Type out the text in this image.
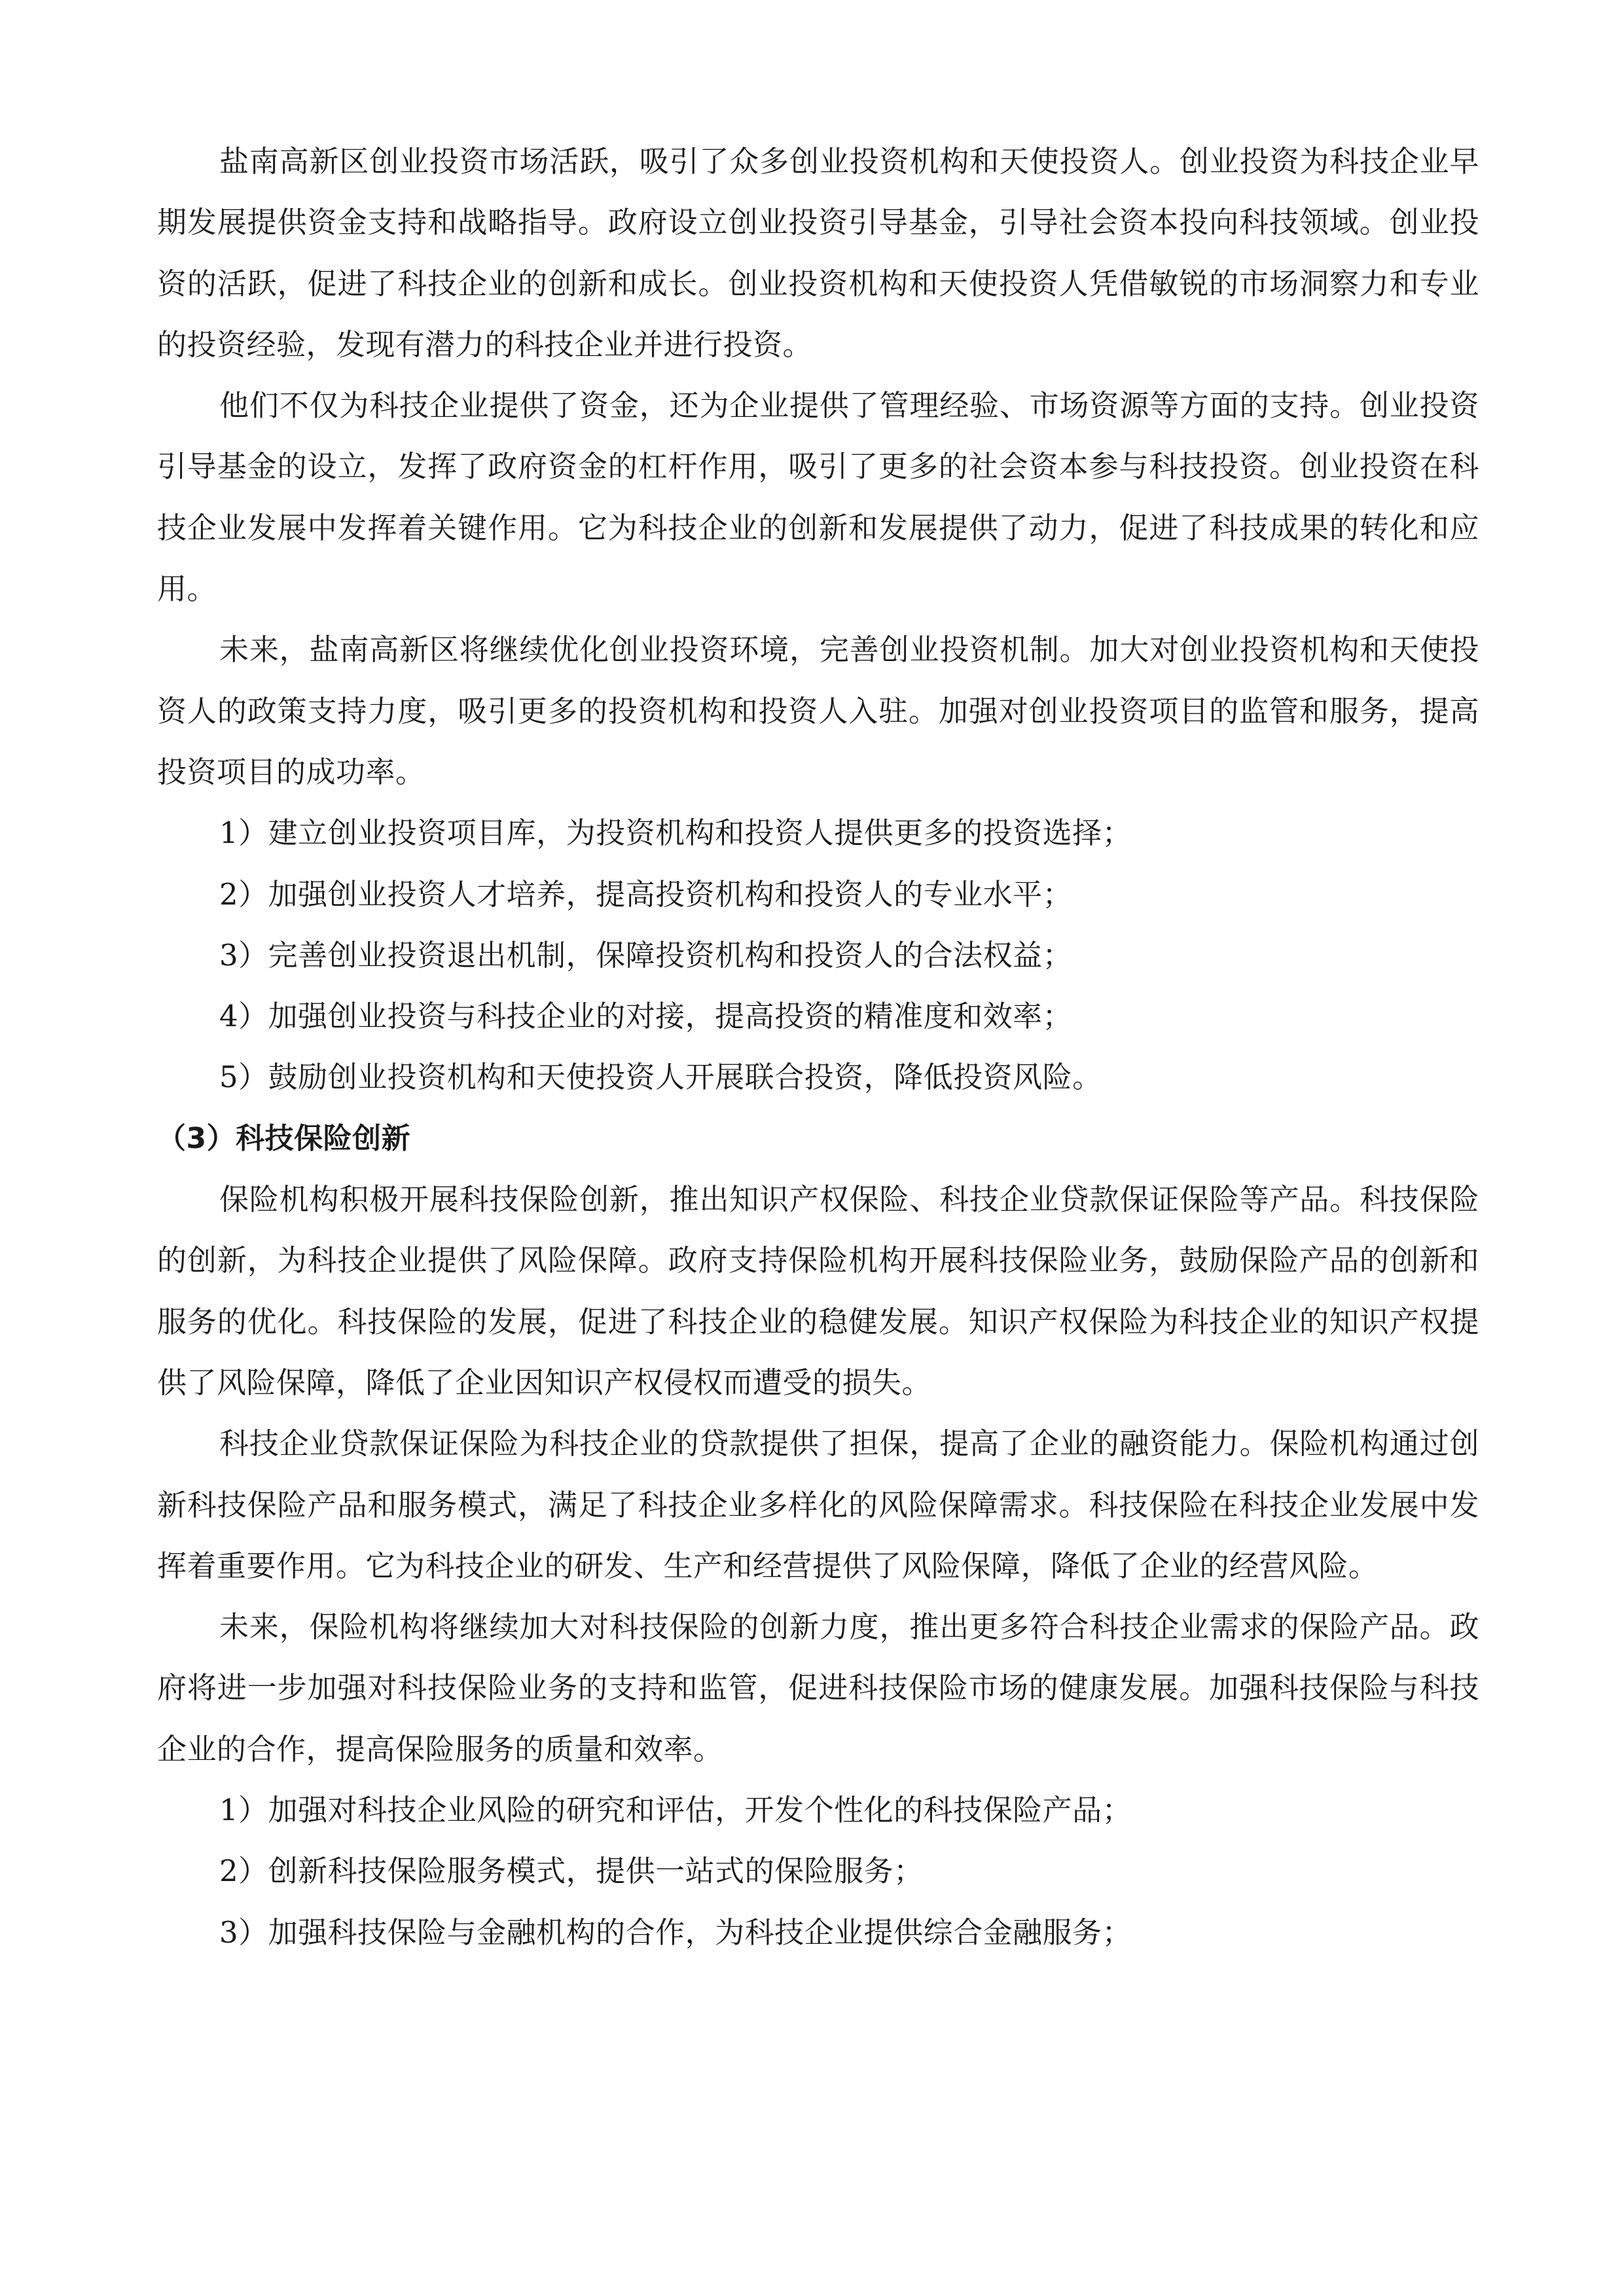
盐南高新区创业投资市场活跃，吸引了众多创业投资机构和天使投资人。创业投资为科技企业早期发展提供资金支持和战略指导。政府设立创业投资引导基金，引导社会资本投向科技领域。创业投资的活跃，促进了科技企业的创新和成长。创业投资机构和天使投资人凭借敏锐的市场洞察力和专业的投资经验，发现有潜力的科技企业并进行投资。

他们不仅为科技企业提供了资金，还为企业提供了管理经验、市场资源等方面的支持。创业投资引导基金的设立，发挥了政府资金的杠杆作用，吸引了更多的社会资本参与科技投资。创业投资在科技企业发展中发挥着关键作用。它为科技企业的创新和发展提供了动力，促进了科技成果的转化和应用。

未来，盐南高新区将继续优化创业投资环境，完善创业投资机制。加大对创业投资机构和天使投资人的政策支持力度，吸引更多的投资机构和投资人入驻。加强对创业投资项目的监管和服务，提高投资项目的成功率。

1）建立创业投资项目库，为投资机构和投资人提供更多的投资选择；

2）加强创业投资人才培养，提高投资机构和投资人的专业水平；

3）完善创业投资退出机制，保障投资机构和投资人的合法权益；

4）加强创业投资与科技企业的对接，提高投资的精准度和效率；

5）鼓励创业投资机构和天使投资人开展联合投资，降低投资风险。

（3）科技保险创新

保险机构积极开展科技保险创新，推出知识产权保险、科技企业贷款保证保险等产品。科技保险的创新，为科技企业提供了风险保障。政府支持保险机构开展科技保险业务，鼓励保险产品的创新和服务的优化。科技保险的发展，促进了科技企业的稳健发展。知识产权保险为科技企业的知识产权提供了风险保障，降低了企业因知识产权侵权而遭受的损失。

科技企业贷款保证保险为科技企业的贷款提供了担保，提高了企业的融资能力。保险机构通过创新科技保险产品和服务模式，满足了科技企业多样化的风险保障需求。科技保险在科技企业发展中发挥着重要作用。它为科技企业的研发、生产和经营提供了风险保障，降低了企业的经营风险。

未来，保险机构将继续加大对科技保险的创新力度，推出更多符合科技企业需求的保险产品。政府将进一步加强对科技保险业务的支持和监管，促进科技保险市场的健康发展。加强科技保险与科技企业的合作，提高保险服务的质量和效率。

1）加强对科技企业风险的研究和评估，开发个性化的科技保险产品；

2）创新科技保险服务模式，提供一站式的保险服务；

3）加强科技保险与金融机构的合作，为科技企业提供综合金融服务；
